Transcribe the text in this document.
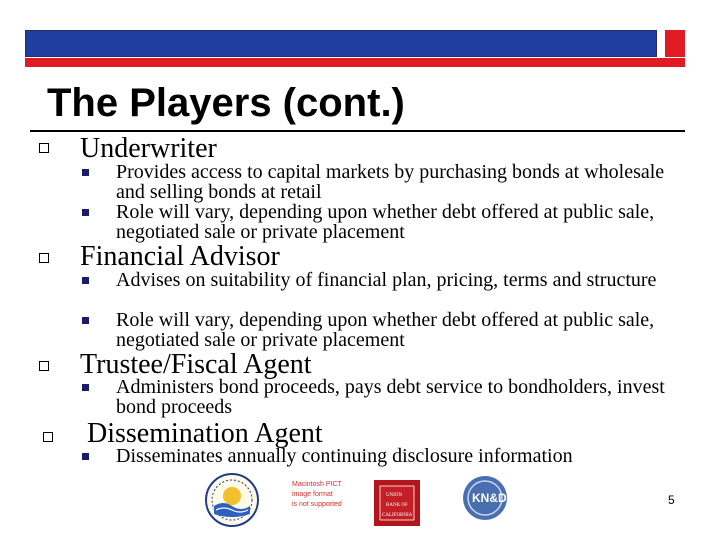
The Players (cont.)
Underwriter
Provides access to capital markets by purchasing bonds at wholesale and selling bonds at retail
Role will vary, depending upon whether debt offered at public sale, negotiated sale or private placement
Financial Advisor
Advises on suitability of financial plan, pricing, terms and structure
Role will vary, depending upon whether debt offered at public sale, negotiated sale or private placement
Trustee/Fiscal Agent
Administers bond proceeds, pays debt service to bondholders, invest bond proceeds
Dissemination Agent
Disseminates annually continuing disclosure information
Macintosh PICT
image format
is not supported
UNION
BANK OF
CALIFORNIA
KN&D	5
